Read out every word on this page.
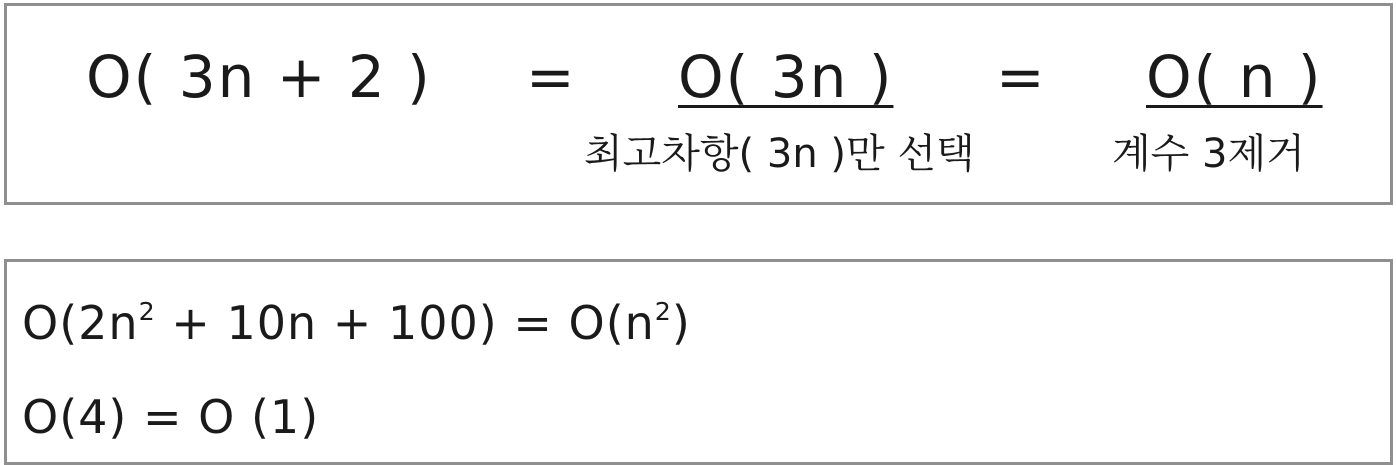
O( 3n + 2 ) = O( 3n ) = O( n )
최고차항( 3n )만 선택	계수 3제거
$O(2n^2 + 10n + 100) = O(n^2)$
O(4) = O (1)
